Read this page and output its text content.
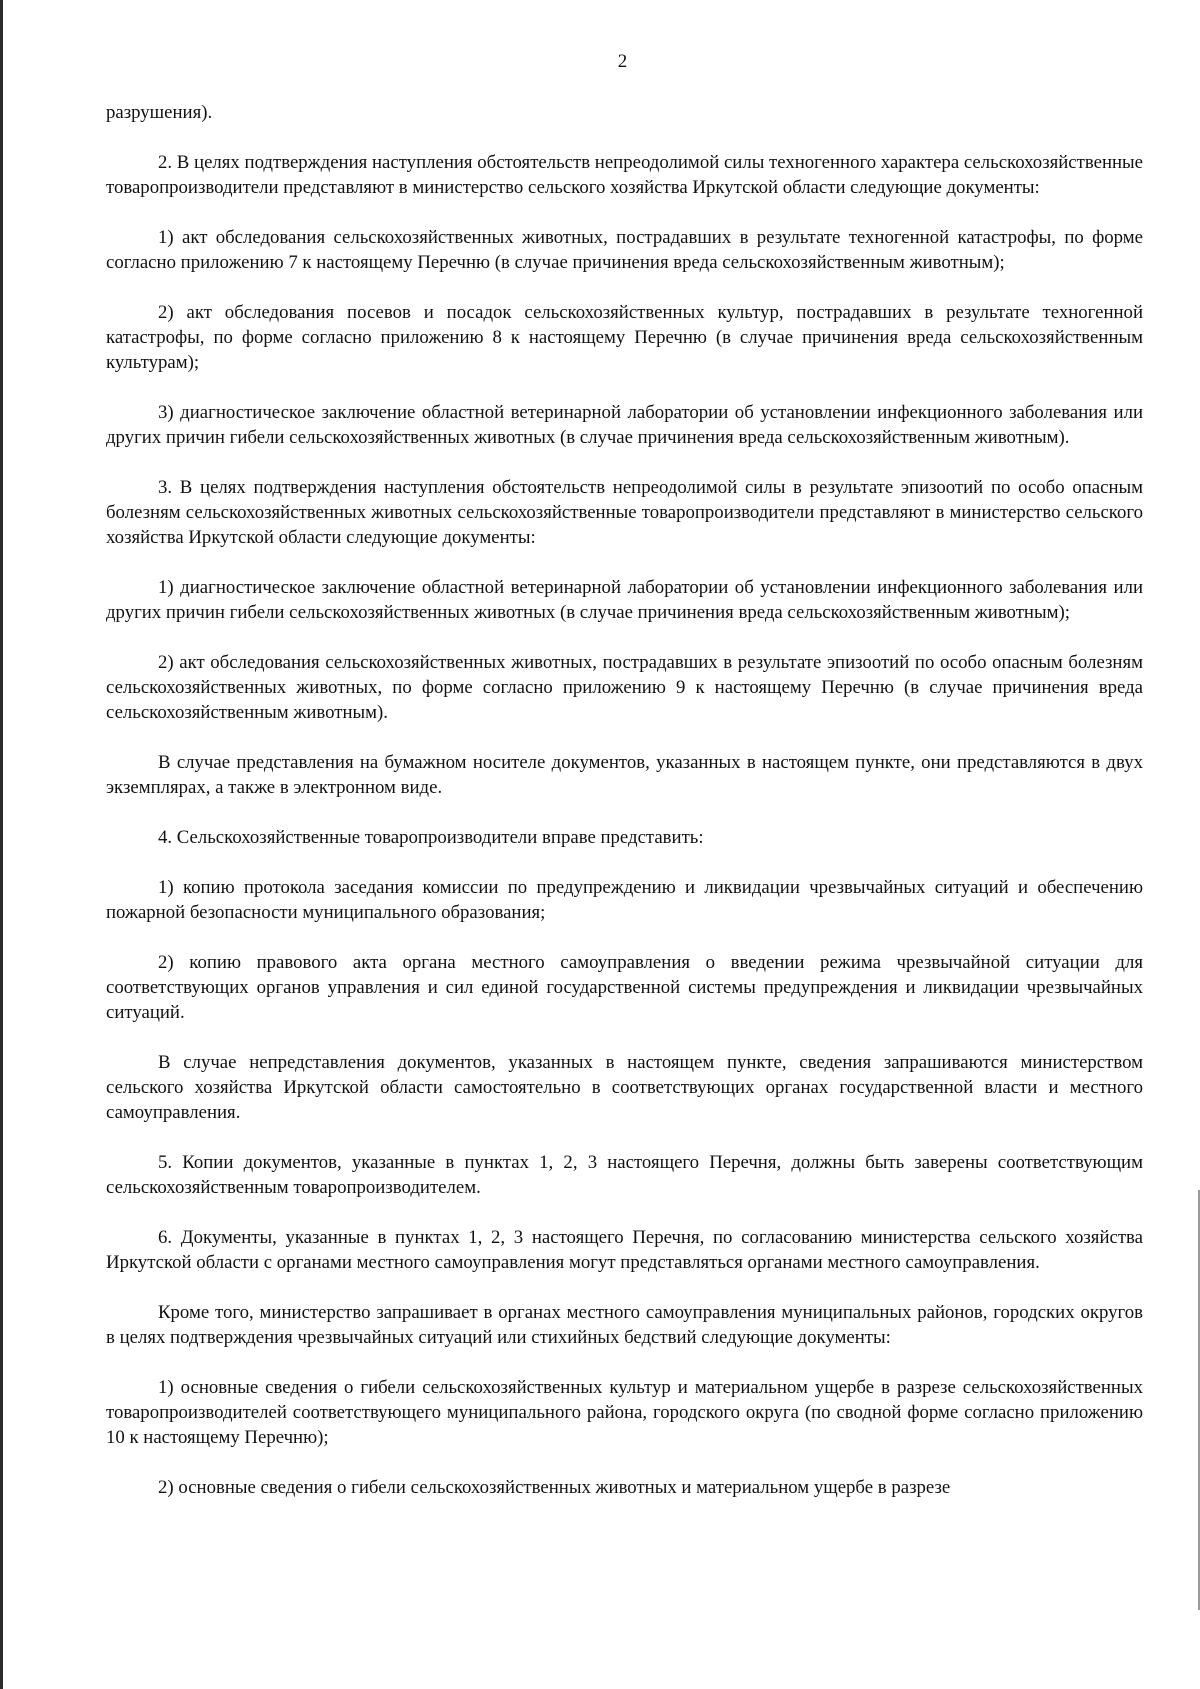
2

разрушения).

2. В целях подтверждения наступления обстоятельств непреодолимой силы техногенного характера сельскохозяйственные товаропроизводители представляют в министерство сельского хозяйства Иркутской области следующие документы:

1) акт обследования сельскохозяйственных животных, пострадавших в результате техногенной катастрофы, по форме согласно приложению 7 к настоящему Перечню (в случае причинения вреда сельскохозяйственным животным);

2) акт обследования посевов и посадок сельскохозяйственных культур, пострадавших в результате техногенной катастрофы, по форме согласно приложению 8 к настоящему Перечню (в случае причинения вреда сельскохозяйственным культурам);

3) диагностическое заключение областной ветеринарной лаборатории об установлении инфекционного заболевания или других причин гибели сельскохозяйственных животных (в случае причинения вреда сельскохозяйственным животным).

3. В целях подтверждения наступления обстоятельств непреодолимой силы в результате эпизоотий по особо опасным болезням сельскохозяйственных животных сельскохозяйственные товаропроизводители представляют в министерство сельского хозяйства Иркутской области следующие документы:

1) диагностическое заключение областной ветеринарной лаборатории об установлении инфекционного заболевания или других причин гибели сельскохозяйственных животных (в случае причинения вреда сельскохозяйственным животным);

2) акт обследования сельскохозяйственных животных, пострадавших в результате эпизоотий по особо опасным болезням сельскохозяйственных животных, по форме согласно приложению 9 к настоящему Перечню (в случае причинения вреда сельскохозяйственным животным).

В случае представления на бумажном носителе документов, указанных в настоящем пункте, они представляются в двух экземплярах, а также в электронном виде.

4. Сельскохозяйственные товаропроизводители вправе представить:

1) копию протокола заседания комиссии по предупреждению и ликвидации чрезвычайных ситуаций и обеспечению пожарной безопасности муниципального образования;

2) копию правового акта органа местного самоуправления о введении режима чрезвычайной ситуации для соответствующих органов управления и сил единой государственной системы предупреждения и ликвидации чрезвычайных ситуаций.

В случае непредставления документов, указанных в настоящем пункте, сведения запрашиваются министерством сельского хозяйства Иркутской области самостоятельно в соответствующих органах государственной власти и местного самоуправления.

5. Копии документов, указанные в пунктах 1, 2, 3 настоящего Перечня, должны быть заверены соответствующим сельскохозяйственным товаропроизводителем.

6. Документы, указанные в пунктах 1, 2, 3 настоящего Перечня, по согласованию министерства сельского хозяйства Иркутской области с органами местного самоуправления могут представляться органами местного самоуправления.

Кроме того, министерство запрашивает в органах местного самоуправления муниципальных районов, городских округов в целях подтверждения чрезвычайных ситуаций или стихийных бедствий следующие документы:

1) основные сведения о гибели сельскохозяйственных культур и материальном ущербе в разрезе сельскохозяйственных товаропроизводителей соответствующего муниципального района, городского округа (по сводной форме согласно приложению 10 к настоящему Перечню);

2) основные сведения о гибели сельскохозяйственных животных и материальном ущербе в разрезе
